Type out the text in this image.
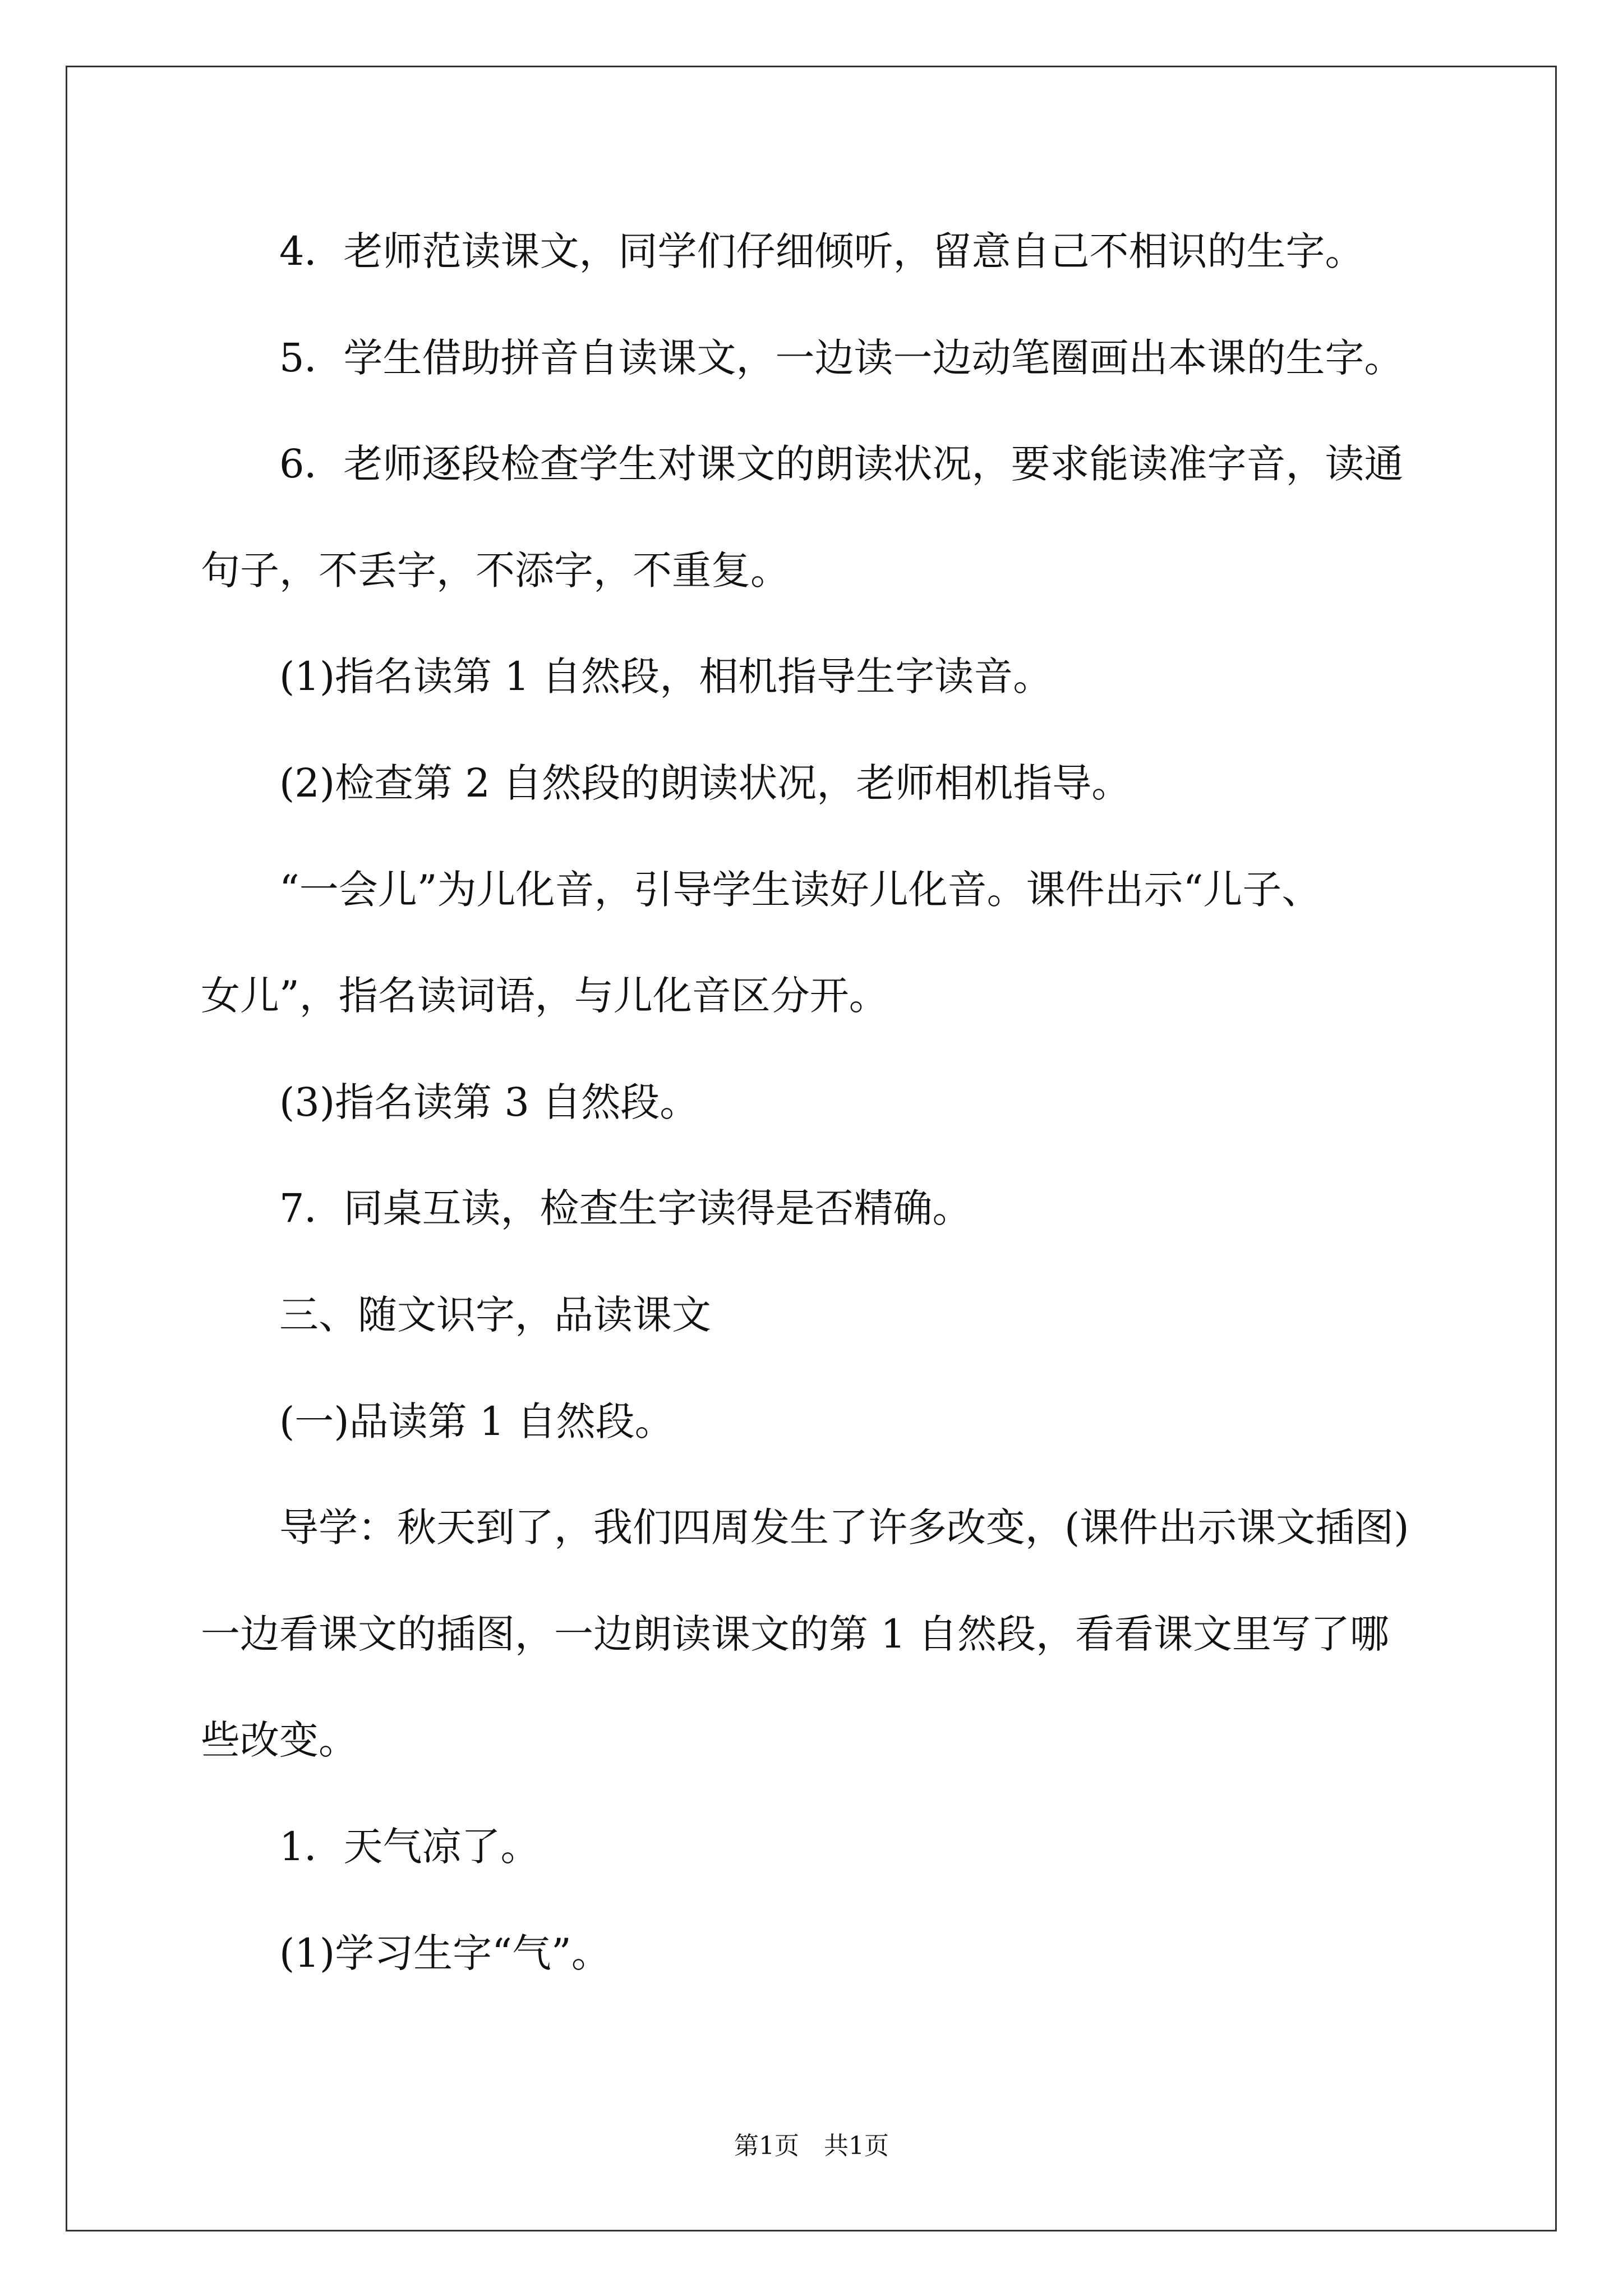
4．老师范读课文，同学们仔细倾听，留意自己不相识的生字。
5．学生借助拼音自读课文，一边读一边动笔圈画出本课的生字。
6．老师逐段检查学生对课文的朗读状况，要求能读准字音，读通
句子，不丢字，不添字，不重复。
(1)指名读第 1 自然段，相机指导生字读音。
(2)检查第 2 自然段的朗读状况，老师相机指导。
“一会儿”为儿化音，引导学生读好儿化音。课件出示“儿子、
女儿”，指名读词语，与儿化音区分开。
(3)指名读第 3 自然段。
7．同桌互读，检查生字读得是否精确。
三、随文识字，品读课文
(一)品读第 1 自然段。
导学：秋天到了，我们四周发生了许多改变，(课件出示课文插图)
一边看课文的插图，一边朗读课文的第 1 自然段，看看课文里写了哪
些改变。
1．天气凉了。
(1)学习生字“气”。
第1页 共1页
